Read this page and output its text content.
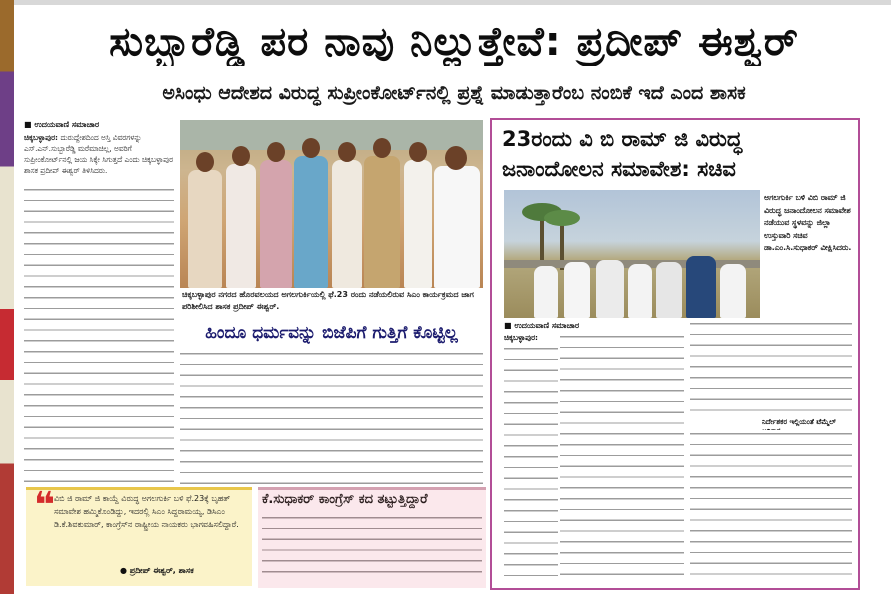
ಸುಬ್ಬಾರೆಡ್ಡಿ ಪರ ನಾವು ನಿಲ್ಲುತ್ತೇವೆ: ಪ್ರದೀಪ್ ಈಶ್ವರ್
ಅಸಿಂಧು ಆದೇಶದ ವಿರುದ್ಧ ಸುಪ್ರೀಂಕೋರ್ಟ್‌ನಲ್ಲಿ ಪ್ರಶ್ನೆ ಮಾಡುತ್ತಾರೆಂಬ ನಂಬಿಕೆ ಇದೆ ಎಂದ ಶಾಸಕ
■ ಉದಯವಾಣಿ ಸಮಾಚಾರ
ಚಿಕ್ಕಬಳ್ಳಾಪುರ: ದುರುದ್ದೇಶದಿಂದ ಅಸ್ತಿ ವಿವರಗಳನ್ನು ಎಸ್.ಎನ್.ಸುಬ್ಬಾರೆಡ್ಡಿ ಮರೆಮಾಚಿಲ್ಲ, ಅವರಿಗೆ ಸುಪ್ರೀಂಕೋರ್ಟ್‌ನಲ್ಲಿ ಜಯ ಸಿಕ್ಕೇ ಸಿಗುತ್ತದೆ ಎಂದು ಚಿಕ್ಕಬಳ್ಳಾಪುರ ಶಾಸಕ ಪ್ರದೀಪ್ ಈಶ್ವರ್ ತಿಳಿಸಿದರು.
ಚಿಕ್ಕಬಳ್ಳಾಪುರ ನಗರದ ಹೊರವಲಯದ ಅಗಲಗುರ್ಕಿಯಲ್ಲಿ ಫೆ.23 ರಂದು ನಡೆಯಲಿರುವ ಸಿಎಂ ಕಾರ್ಯಕ್ರಮದ ಜಾಗ ಪರಿಶೀಲಿಸಿದ ಶಾಸಕ ಪ್ರದೀಪ್ ಈಶ್ವರ್.
ಹಿಂದೂ ಧರ್ಮವನ್ನು ಬಿಜೆಪಿಗೆ ಗುತ್ತಿಗೆ ಕೊಟ್ಟಿಲ್ಲ
❝
ವಿಬಿ ಜಿ ರಾಮ್ ಜಿ ಕಾಯ್ದೆ ವಿರುದ್ಧ ಅಗಲಗುರ್ಕಿ ಬಳಿ ಫೆ.23ಕ್ಕೆ ಬೃಹತ್ ಸಮಾವೇಶ ಹಮ್ಮಿಕೊಂಡಿದ್ದು, ಇದರಲ್ಲಿ ಸಿಎಂ ಸಿದ್ದರಾಮಯ್ಯ, ಡಿಸಿಎಂ ಡಿ.ಕೆ.ಶಿವಕುಮಾರ್, ಕಾಂಗ್ರೆಸ್‌ನ ರಾಷ್ಟ್ರೀಯ ನಾಯಕರು ಭಾಗವಹಿಸಲಿದ್ದಾರೆ.
● ಪ್ರದೀಪ್ ಈಶ್ವರ್, ಶಾಸಕ
ಕೆ.ಸುಧಾಕರ್ ಕಾಂಗ್ರೆಸ್ ಕದ ತಟ್ಟುತ್ತಿದ್ದಾರೆ
23ರಂದು ವಿ ಬಿ ರಾಮ್ ಜಿ ವಿರುದ್ಧ ಜನಾಂದೋಲನ ಸಮಾವೇಶ: ಸಚಿವ
ಅಗಲಗುರ್ಕಿ ಬಳಿ ವಿಬಿ ರಾಮ್ ಜಿ ವಿರುದ್ಧ ಜನಾಂದೋಲನ ಸಮಾವೇಶ ನಡೆಯುವ ಸ್ಥಳವನ್ನು ಜಿಲ್ಲಾ ಉಸ್ತುವಾರಿ ಸಚಿವ ಡಾ.ಎಂ.ಸಿ.ಸುಧಾಕರ್ ವೀಕ್ಷಿಸಿದರು.
■ ಉದಯವಾಣಿ ಸಮಾಚಾರ
ಚಿಕ್ಕಬಳ್ಳಾಪುರ:
ನಿರ್ದೇಶಕರ ಇಲ್ಲಿಯಂತೆ ಟೆಮ್ಮೆಲ್
